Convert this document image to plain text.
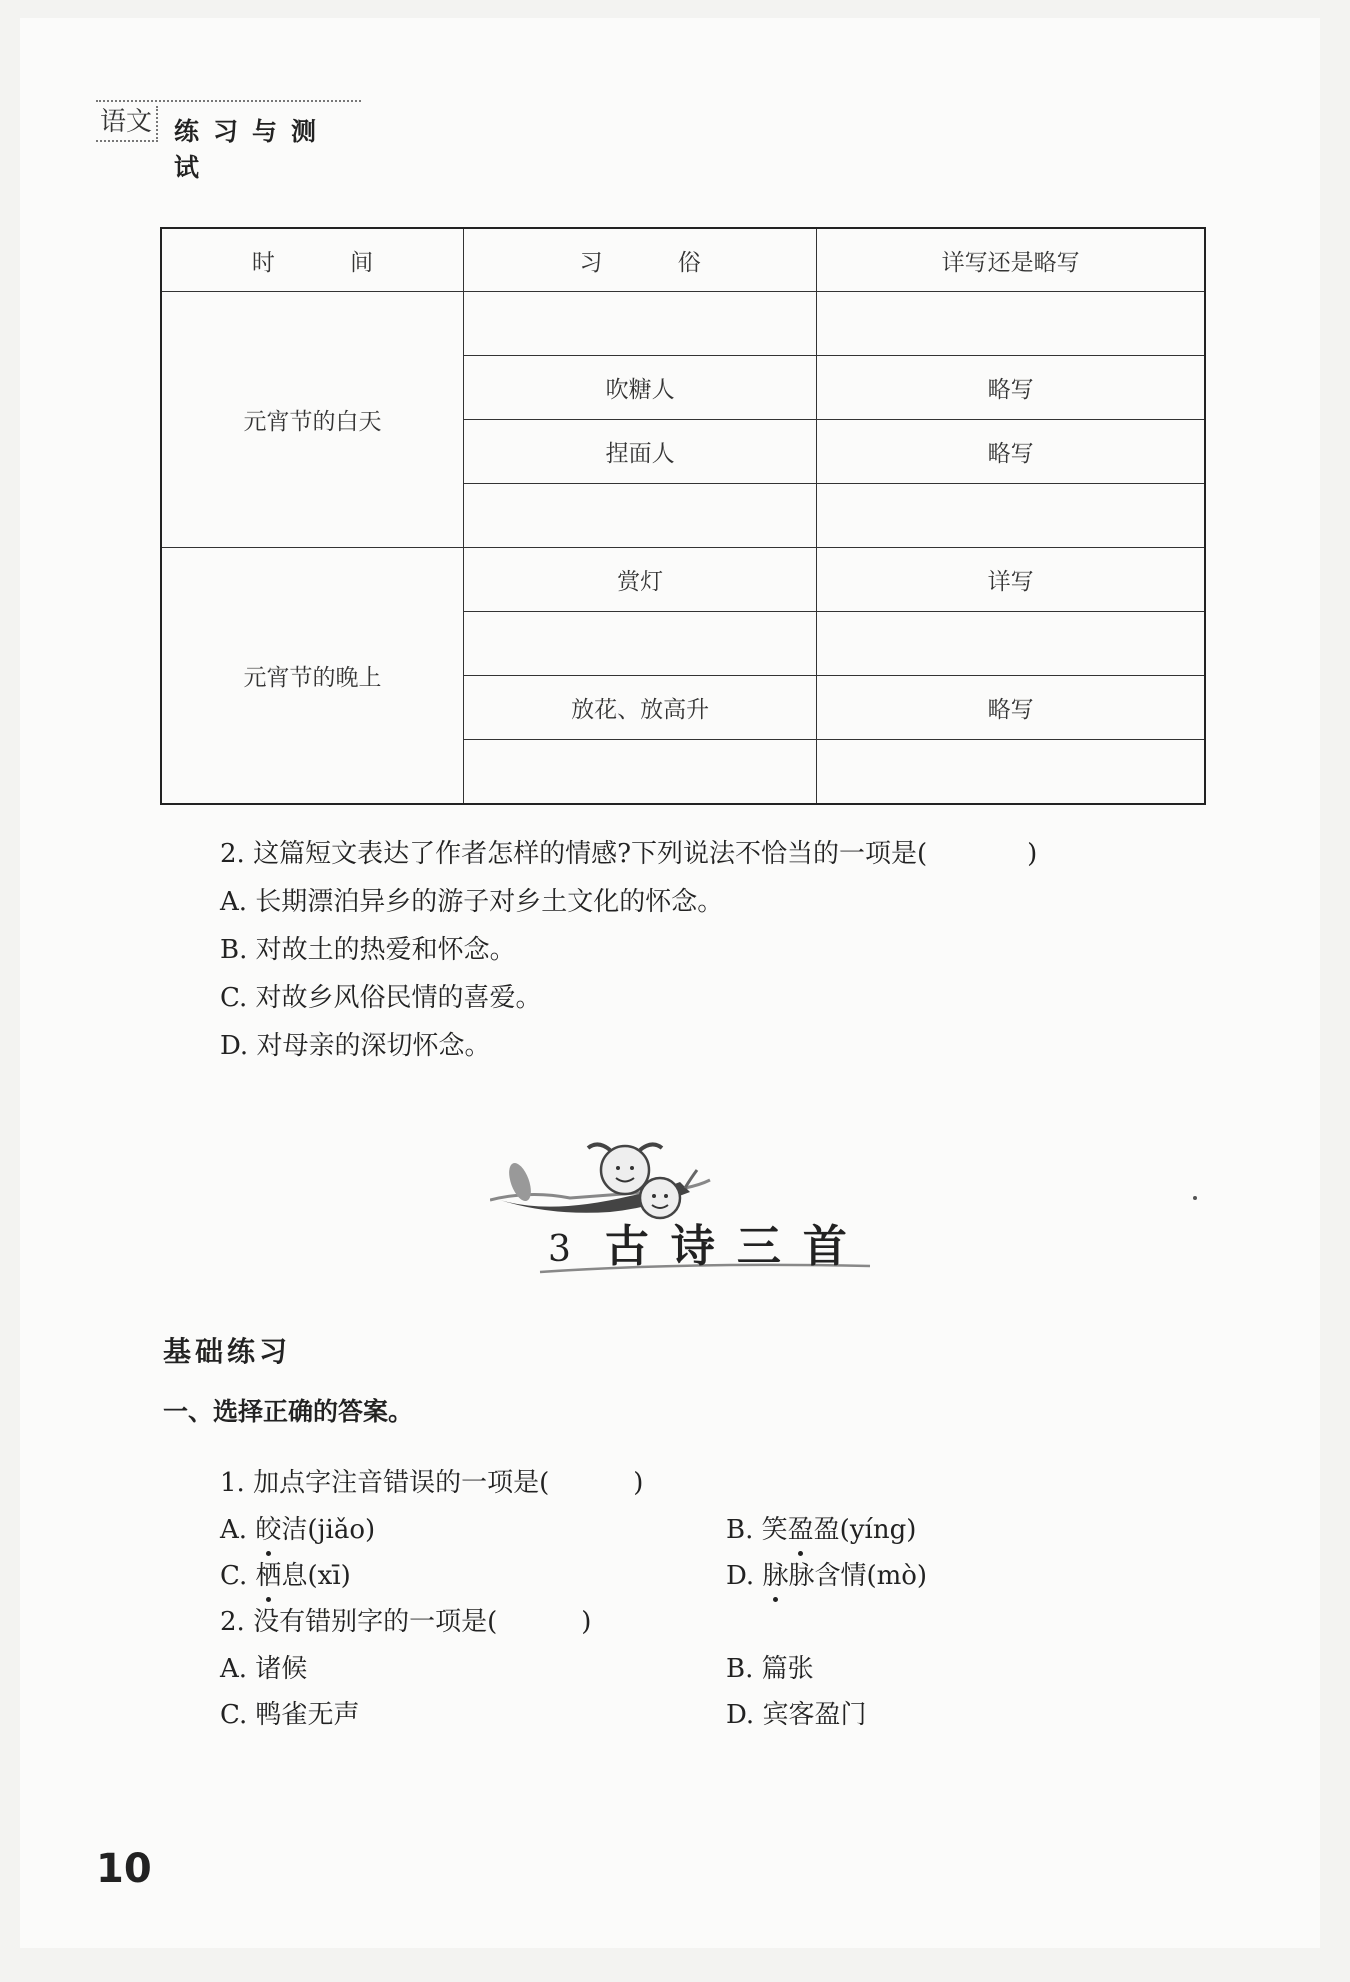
语文 练习与测试
时 间	习 俗	详写还是略写
元宵节的白天		
	吹糖人	略写
	捏面人	略写

元宵节的晚上	赏灯	详写

	放花、放高升	略写

2. 这篇短文表达了作者怎样的情感?下列说法不恰当的一项是(	)
A. 长期漂泊异乡的游子对乡土文化的怀念。
B. 对故土的热爱和怀念。
C. 对故乡风俗民情的喜爱。
D. 对母亲的深切怀念。
3 古诗三首
基础练习
一、选择正确的答案。
1. 加点字注音错误的一项是(	)
A. 皎洁(jiǎo)	B. 笑盈盈(yíng)
C. 栖息(xī)	D. 脉脉含情(mò)
2. 没有错别字的一项是(	)
A. 诸候	B. 篇张
C. 鸭雀无声	D. 宾客盈门
10
